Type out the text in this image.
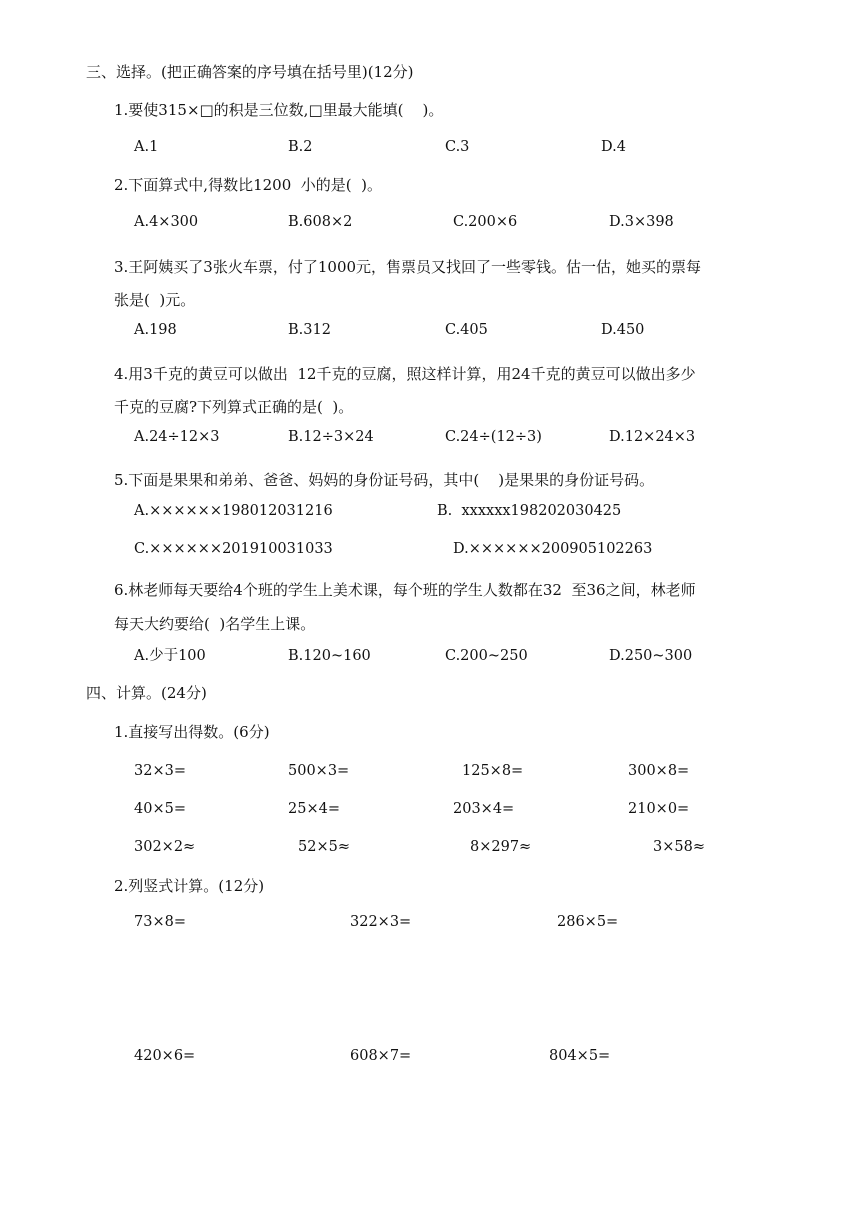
三、选择。(把正确答案的序号填在括号里)(12分)
1.要使315×□的积是三位数,□里最大能填(    )。
A.1	B.2	C.3	D.4
2.下面算式中,得数比1200  小的是(  )。
A.4×300	B.608×2	C.200×6	D.3×398
3.王阿姨买了3张火车票，付了1000元，售票员又找回了一些零钱。估一估，她买的票每
张是(  )元。
A.198	B.312	C.405	D.450
4.用3千克的黄豆可以做出  12千克的豆腐，照这样计算，用24千克的黄豆可以做出多少
千克的豆腐?下列算式正确的是(  )。
A.24÷12×3	B.12÷3×24	C.24÷(12÷3)	D.12×24×3
5.下面是果果和弟弟、爸爸、妈妈的身份证号码，其中(    )是果果的身份证号码。
A.××××××198012031216	B.  xxxxxx198202030425
C.××××××201910031033	D.××××××200905102263
6.林老师每天要给4个班的学生上美术课，每个班的学生人数都在32  至36之间，林老师
每天大约要给(  )名学生上课。
A.少于100	B.120~160	C.200~250	D.250~300
四、计算。(24分)
1.直接写出得数。(6分)
32×3=	500×3=	125×8=	300×8=
40×5=	25×4=	203×4=	210×0=
302×2≈	52×5≈	8×297≈	3×58≈
2.列竖式计算。(12分)
73×8=	322×3=	286×5=
420×6=	608×7=	804×5=
